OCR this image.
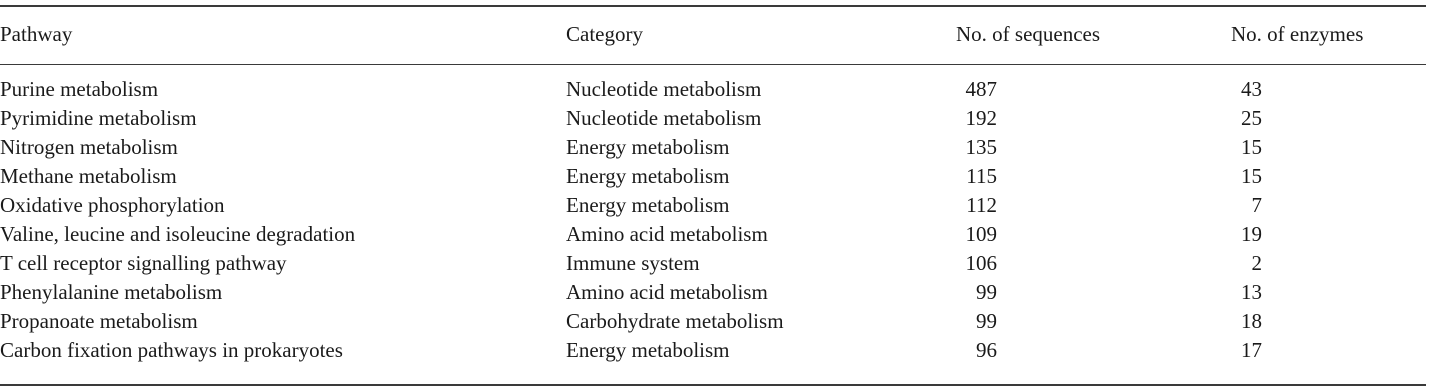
Pathway	Category	No. of sequences	No. of enzymes
Purine metabolism	Nucleotide metabolism	487	43
Pyrimidine metabolism	Nucleotide metabolism	192	25
Nitrogen metabolism	Energy metabolism	135	15
Methane metabolism	Energy metabolism	115	15
Oxidative phosphorylation	Energy metabolism	112	7
Valine, leucine and isoleucine degradation	Amino acid metabolism	109	19
T cell receptor signalling pathway	Immune system	106	2
Phenylalanine metabolism	Amino acid metabolism	99	13
Propanoate metabolism	Carbohydrate metabolism	99	18
Carbon fixation pathways in prokaryotes	Energy metabolism	96	17
